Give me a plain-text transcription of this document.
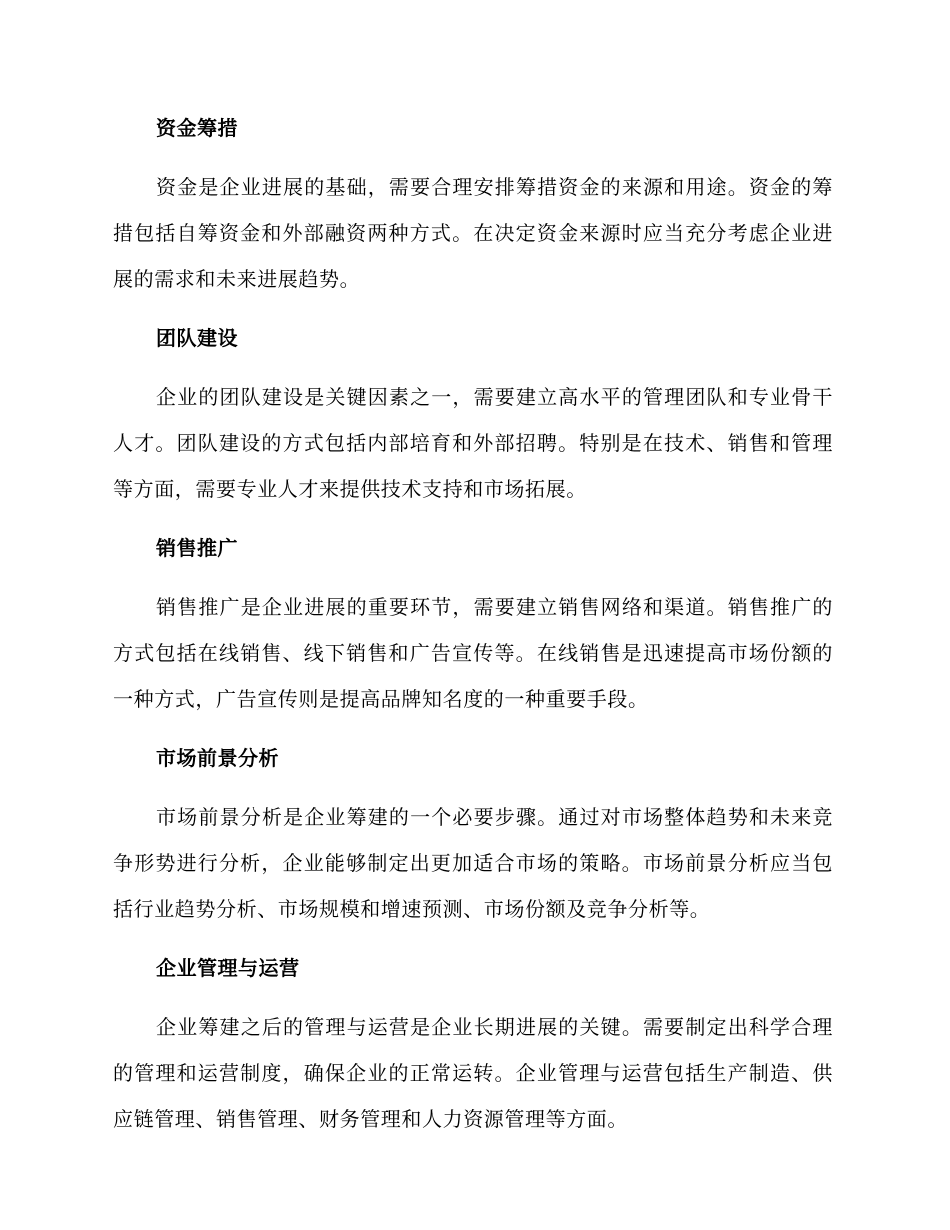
资金筹措
资金是企业进展的基础，需要合理安排筹措资金的来源和用途。资金的筹措包括自筹资金和外部融资两种方式。在决定资金来源时应当充分考虑企业进展的需求和未来进展趋势。
团队建设
企业的团队建设是关键因素之一，需要建立高水平的管理团队和专业骨干人才。团队建设的方式包括内部培育和外部招聘。特别是在技术、销售和管理等方面，需要专业人才来提供技术支持和市场拓展。
销售推广
销售推广是企业进展的重要环节，需要建立销售网络和渠道。销售推广的方式包括在线销售、线下销售和广告宣传等。在线销售是迅速提高市场份额的一种方式，广告宣传则是提高品牌知名度的一种重要手段。
市场前景分析
市场前景分析是企业筹建的一个必要步骤。通过对市场整体趋势和未来竞争形势进行分析，企业能够制定出更加适合市场的策略。市场前景分析应当包括行业趋势分析、市场规模和增速预测、市场份额及竞争分析等。
企业管理与运营
企业筹建之后的管理与运营是企业长期进展的关键。需要制定出科学合理的管理和运营制度，确保企业的正常运转。企业管理与运营包括生产制造、供应链管理、销售管理、财务管理和人力资源管理等方面。
